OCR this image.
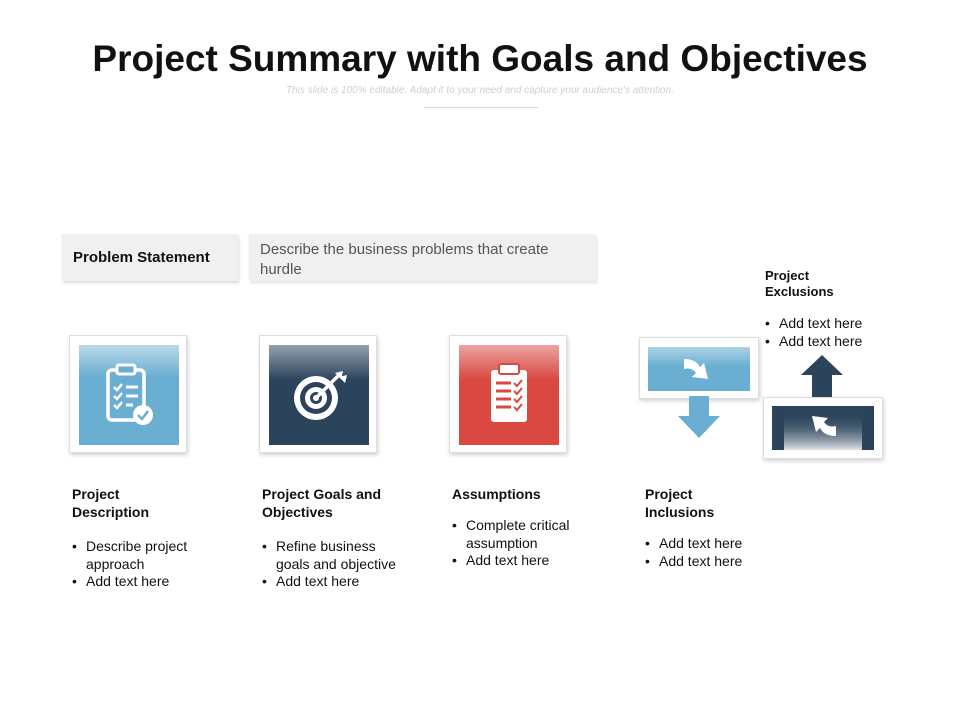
Project Summary with Goals and Objectives
This slide is 100% editable. Adapt it to your need and capture your audience's attention.
Problem Statement	Describe the business problems that create hurdle
Project Description
• Describe project approach
• Add text here
Project Goals and Objectives
• Refine business goals and objective
• Add text here
Assumptions
• Complete critical assumption
• Add text here
Project Inclusions
• Add text here
• Add text here
Project Exclusions
• Add text here
• Add text here
